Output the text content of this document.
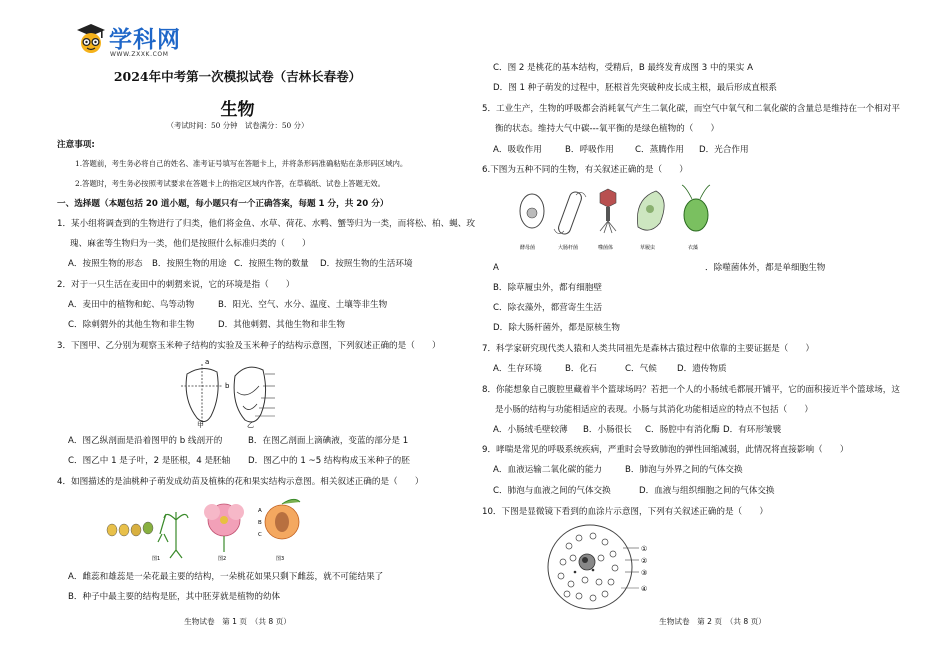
学科网
WWW.ZXXK.COM
2024年中考第一次模拟试卷（吉林长春卷）
生物
（考试时间：50 分钟　试卷满分：50 分）
注意事项:
1.答题前，考生务必将自己的姓名、准考证号填写在答题卡上，并将条形码准确粘贴在条形码区域内。
2.答题时，考生务必按照考试要求在答题卡上的指定区域内作答，在草稿纸、试卷上答题无效。
一、选择题（本题包括 20 道小题，每小题只有一个正确答案，每题 1 分，共 20 分）
1．某小组将调查到的生物进行了归类，他们将金鱼、水草、荷花、水鸭、蟹等归为一类，而将松、柏、蝇、玫
瑰、麻雀等生物归为一类，他们是按照什么标准归类的（　　）
A．按照生物的形态 B．按照生物的用途 C．按照生物的数量 D．按照生物的生活环境
2．对于一只生活在麦田中的刺猬来说，它的环境是指（　　）
A．麦田中的植物和蛇、鸟等动物	B．阳光、空气、水分、温度、土壤等非生物
C．除刺猬外的其他生物和非生物	D．其他刺猬、其他生物和非生物
3．下图甲、乙分别为观察玉米种子结构的实验及玉米种子的结构示意图，下列叙述正确的是（　　）
a
b
甲	乙
A．图乙纵剖面是沿着图甲的 b 线剖开的	B．在图乙剖面上滴碘液，变蓝的部分是 1
C．图乙中 1 是子叶，2 是胚根，4 是胚轴 D．图乙中的 1 ~5 结构构成玉米种子的胚
4．如图描述的是油桃种子萌发成幼苗及植株的花和果实结构示意图。相关叙述正确的是（　　）
图1	图2
A
B
C
图3
A．雌蕊和雄蕊是一朵花最主要的结构，一朵桃花如果只剩下雌蕊，就不可能结果了
B．种子中最主要的结构是胚，其中胚芽就是植物的幼体
生物试卷　第 1 页　（共 8 页）
C．图 2 是桃花的基本结构，受精后，B 最终发育成图 3 中的果实 A
D．图 1 种子萌发的过程中，胚根首先突破种皮长成主根，最后形成直根系
5．工业生产，生物的呼吸都会消耗氧气产生二氧化碳，而空气中氧气和二氧化碳的含量总是维持在一个相对平
衡的状态。维持大气中碳---氧平衡的是绿色植物的（　　）
A．吸收作用	B．呼吸作用 C．蒸腾作用 D．光合作用
6.下图为五种不同的生物，有关叙述正确的是（　　）
酵母菌	大肠杆菌	噬菌体	草履虫	衣藻
A	．除噬菌体外，都是单细胞生物
B．除草履虫外，都有细胞壁
C．除衣藻外，都营寄生生活
D．除大肠杆菌外，都是原核生物
7．科学家研究现代类人猿和人类共同祖先是森林古猿过程中依靠的主要证据是（　　）
A．生存环境	B．化石	C．气候 D．遗传物质
8．你能想象自己腹腔里藏着半个篮球场吗？若把一个人的小肠绒毛都展开铺平，它的面积接近半个篮球场，这
是小肠的结构与功能相适应的表现。小肠与其消化功能相适应的特点不包括（　　）
A．小肠绒毛壁较薄 B．小肠很长 C．肠腔中有消化酶 D．有环形皱襞
9．哮喘是常见的呼吸系统疾病，严重时会导致肺泡的弹性回缩减弱，此情况将直接影响（　　）
A．血液运输二氧化碳的能力	B．肺泡与外界之间的气体交换
C．肺泡与血液之间的气体交换	D．血液与组织细胞之间的气体交换
10．下图是显微镜下看到的血涂片示意图，下列有关叙述正确的是（　　）
①
②
③
④
生物试卷　第 2 页　（共 8 页）
